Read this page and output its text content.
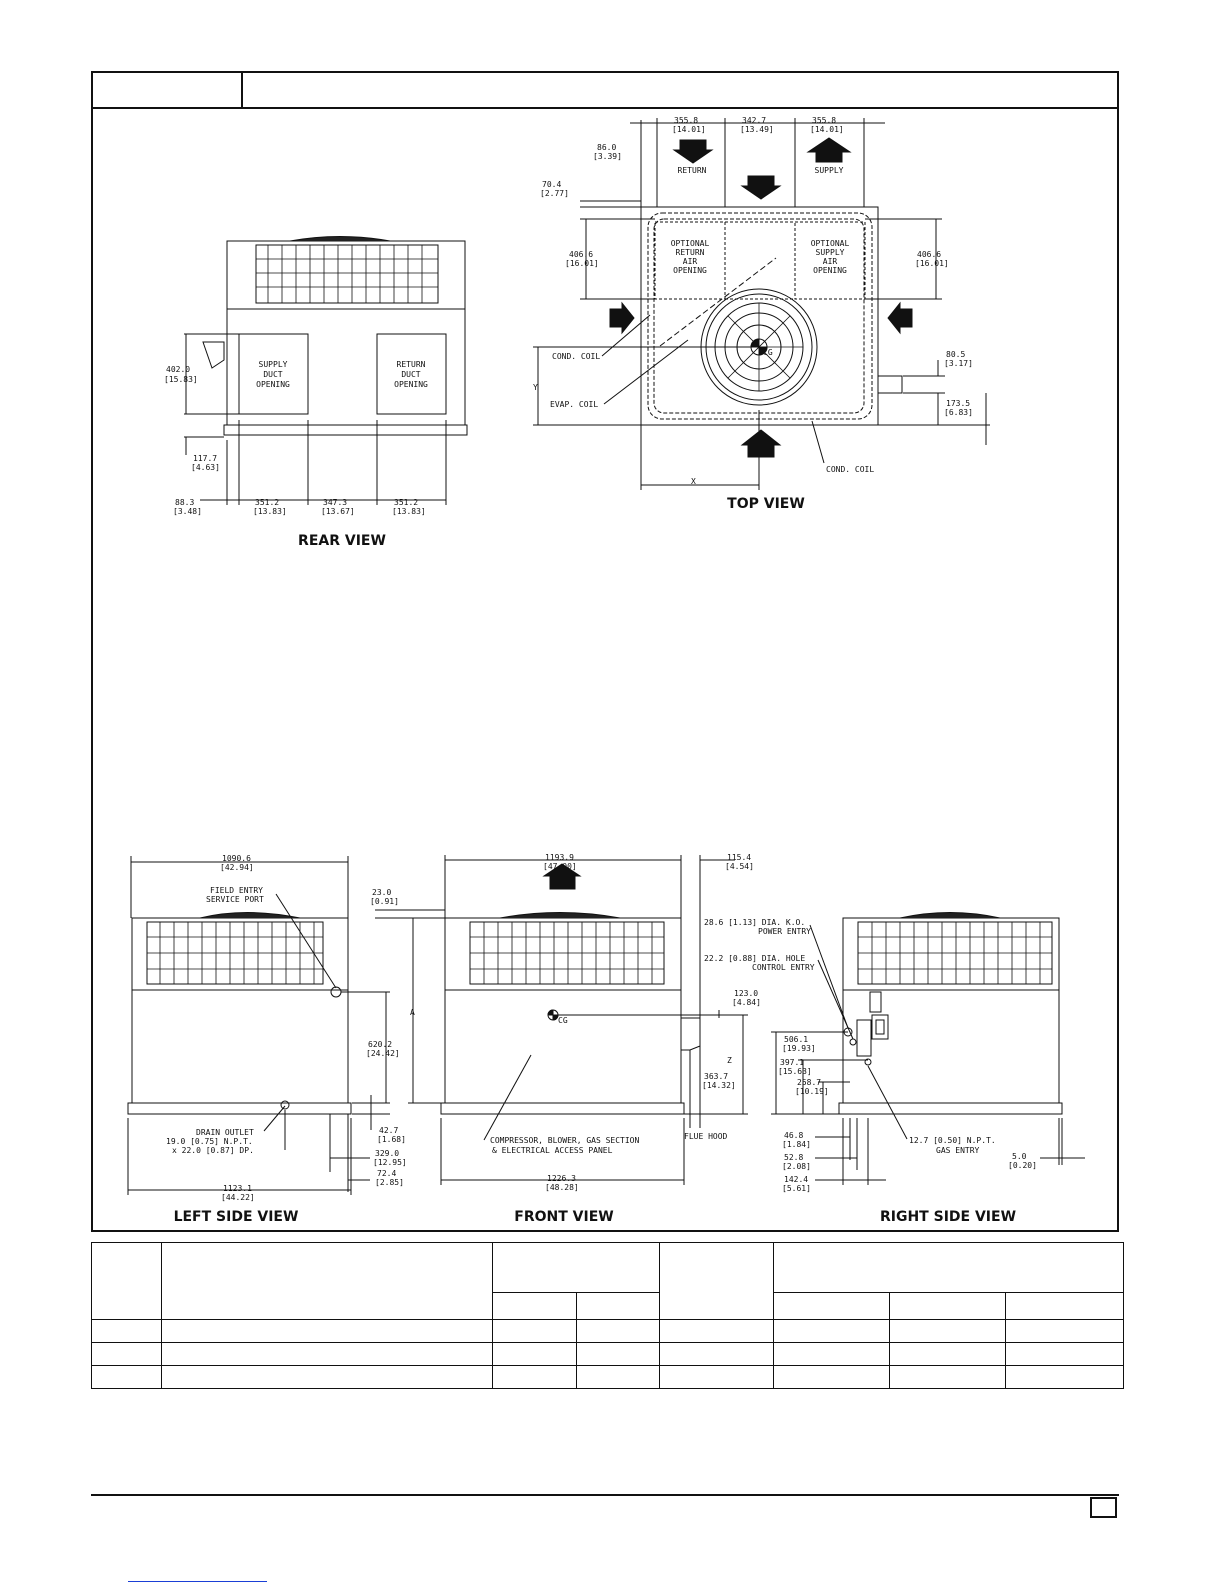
SUPPLY
DUCT
OPENING
RETURN
DUCT
OPENING
402.0
[15.83]
117.7
[4.63]
88.3
[3.48]
351.2
[13.83]
347.3
[13.67]
351.2
[13.83]
REAR VIEW
355.8
[14.01]
342.7
[13.49]
355.8
[14.01]
86.0
[3.39]
70.4
[2.77]
406.6
[16.01]
406.6
[16.01]
80.5
[3.17]
173.5
[6.83]
RETURN	SUPPLY
OPTIONAL
RETURN
AIR
OPENING
OPTIONAL
SUPPLY
AIR
OPENING
COND. COIL
EVAP. COIL
COND. COIL
CG
X
Y
TOP VIEW
1090.6
[42.94]
FIELD ENTRY
SERVICE PORT
620.2
[24.42]
42.7
[1.68]
329.0
[12.95]
72.4
[2.85]
DRAIN OUTLET
19.0 [0.75] N.P.T.
x 22.0 [0.87] DP.
1123.1
[44.22]
23.0
[0.91]
LEFT SIDE VIEW
1193.9
[47.00]
115.4
[4.54]
123.0
[4.84]
363.7
[14.32]
CG
A
Z
FLUE HOOD
COMPRESSOR, BLOWER, GAS SECTION
& ELECTRICAL ACCESS PANEL
1226.3
[48.28]
FRONT VIEW
28.6 [1.13] DIA. K.O.
POWER ENTRY
22.2 [0.88] DIA. HOLE
CONTROL ENTRY
506.1
[19.93]
397.1
[15.63]
258.7
[10.19]
46.8
[1.84]
52.8
[2.08]
142.4
[5.61]
12.7 [0.50] N.P.T.
GAS ENTRY
5.0
[0.20]
RIGHT SIDE VIEW
